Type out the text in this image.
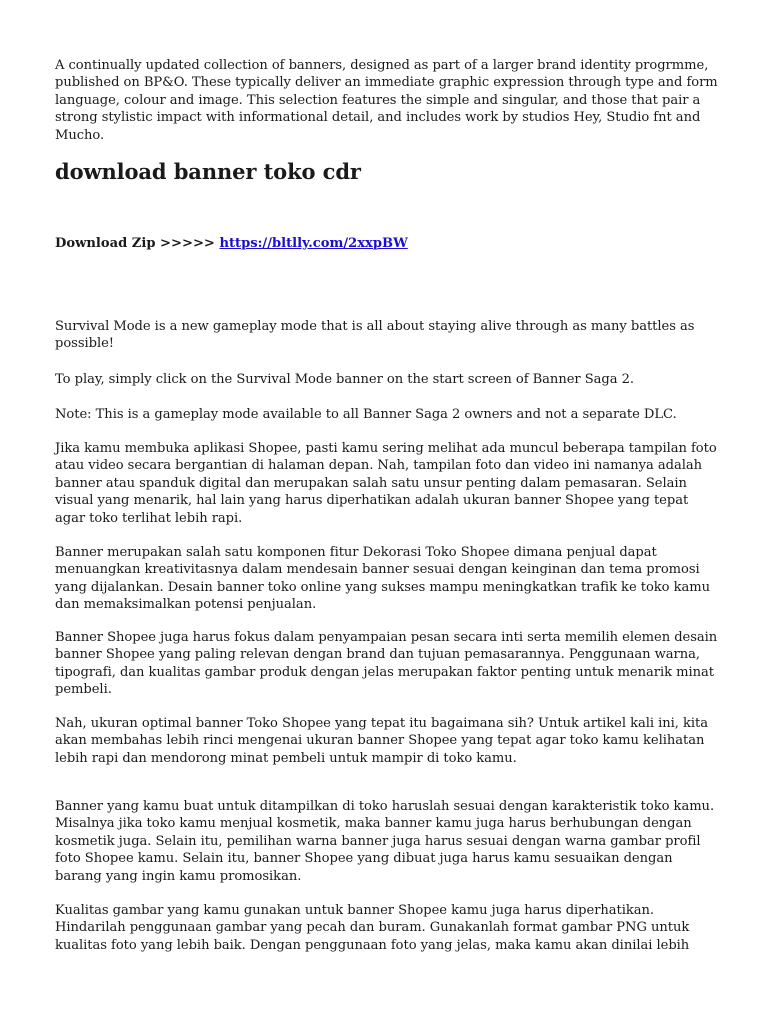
A continually updated collection of banners, designed as part of a larger brand identity progrmme, published on BP&O. These typically deliver an immediate graphic expression through type and form language, colour and image. This selection features the simple and singular, and those that pair a strong stylistic impact with informational detail, and includes work by studios Hey, Studio fnt and Mucho.

download banner toko cdr
Download Zip >>>>> https://bltlly.com/2xxpBW

Survival Mode is a new gameplay mode that is all about staying alive through as many battles as possible!

To play, simply click on the Survival Mode banner on the start screen of Banner Saga 2.

Note: This is a gameplay mode available to all Banner Saga 2 owners and not a separate DLC.

Jika kamu membuka aplikasi Shopee, pasti kamu sering melihat ada muncul beberapa tampilan foto atau video secara bergantian di halaman depan. Nah, tampilan foto dan video ini namanya adalah banner atau spanduk digital dan merupakan salah satu unsur penting dalam pemasaran. Selain visual yang menarik, hal lain yang harus diperhatikan adalah ukuran banner Shopee yang tepat agar toko terlihat lebih rapi.

Banner merupakan salah satu komponen fitur Dekorasi Toko Shopee dimana penjual dapat menuangkan kreativitasnya dalam mendesain banner sesuai dengan keinginan dan tema promosi yang dijalankan. Desain banner toko online yang sukses mampu meningkatkan trafik ke toko kamu dan memaksimalkan potensi penjualan.

Banner Shopee juga harus fokus dalam penyampaian pesan secara inti serta memilih elemen desain banner Shopee yang paling relevan dengan brand dan tujuan pemasarannya. Penggunaan warna, tipografi, dan kualitas gambar produk dengan jelas merupakan faktor penting untuk menarik minat pembeli.

Nah, ukuran optimal banner Toko Shopee yang tepat itu bagaimana sih? Untuk artikel kali ini, kita akan membahas lebih rinci mengenai ukuran banner Shopee yang tepat agar toko kamu kelihatan lebih rapi dan mendorong minat pembeli untuk mampir di toko kamu.

Banner yang kamu buat untuk ditampilkan di toko haruslah sesuai dengan karakteristik toko kamu. Misalnya jika toko kamu menjual kosmetik, maka banner kamu juga harus berhubungan dengan kosmetik juga. Selain itu, pemilihan warna banner juga harus sesuai dengan warna gambar profil foto Shopee kamu. Selain itu, banner Shopee yang dibuat juga harus kamu sesuaikan dengan barang yang ingin kamu promosikan.

Kualitas gambar yang kamu gunakan untuk banner Shopee kamu juga harus diperhatikan. Hindarilah penggunaan gambar yang pecah dan buram. Gunakanlah format gambar PNG untuk kualitas foto yang lebih baik. Dengan penggunaan foto yang jelas, maka kamu akan dinilai lebih
